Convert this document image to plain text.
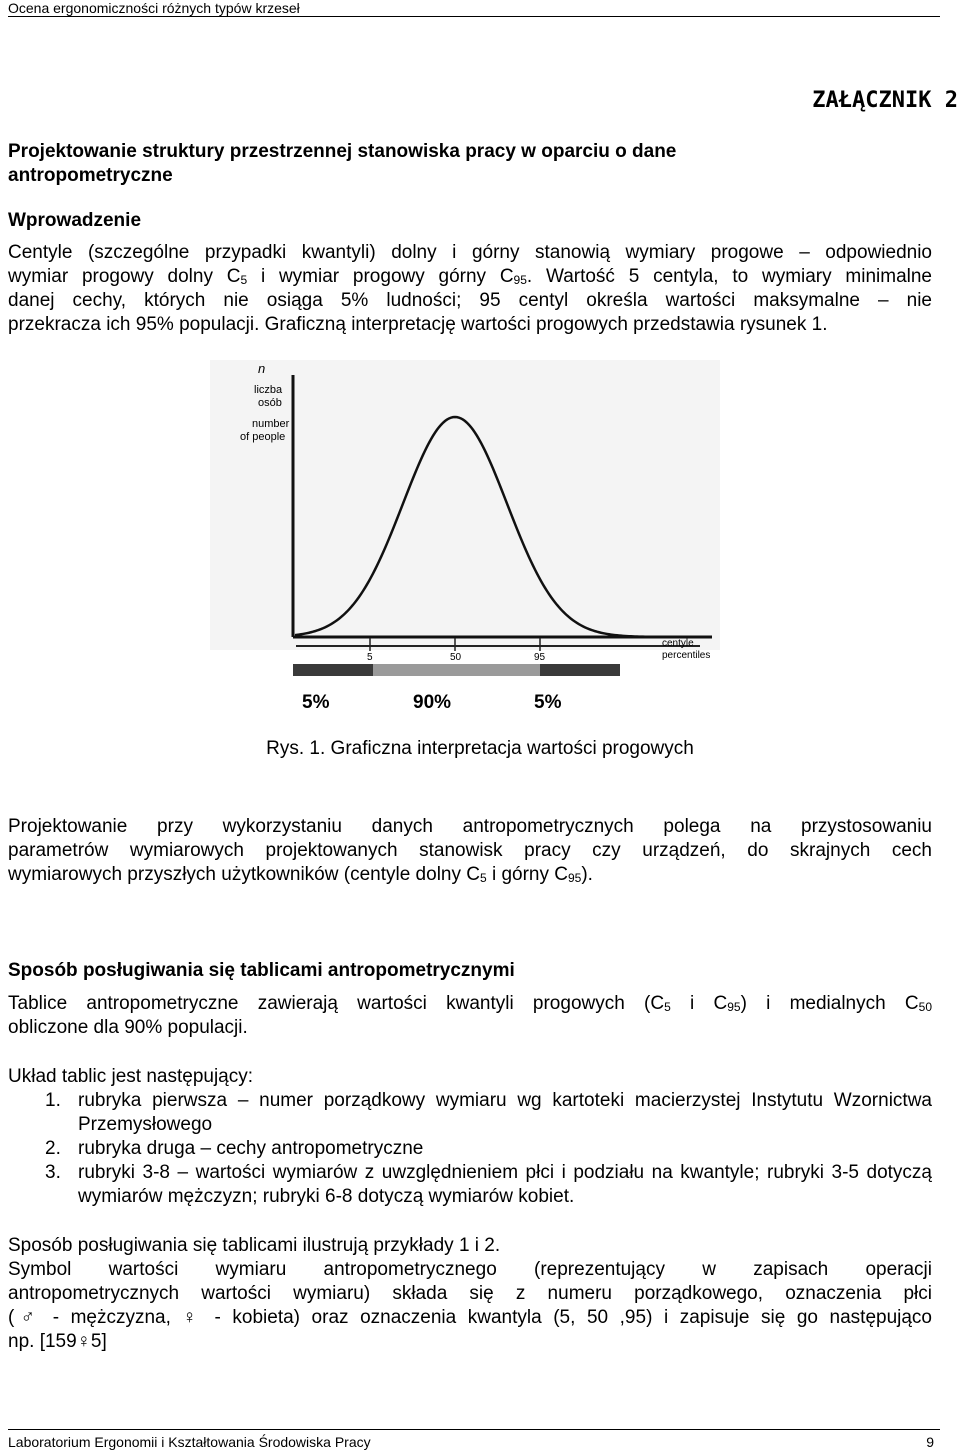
Ocena ergonomiczności różnych typów krzeseł
ZAŁĄCZNIK 2
Projektowanie struktury przestrzennej stanowiska pracy w oparciu o dane
antropometryczne
Wprowadzenie
Centyle (szczególne przypadki kwantyli) dolny i górny stanowią wymiary progowe – odpowiednio
wymiar progowy dolny $C_5$ i wymiar progowy górny $C_{95}$. Wartość 5 centyla, to wymiary minimalne
danej cechy, których nie osiąga 5% ludności; 95 centyl określa wartości maksymalne – nie
przekracza ich 95% populacji. Graficzną interpretację wartości progowych przedstawia rysunek 1.
n
liczba
osób
number
of people
5	50	95
centyle
percentiles
5%	90%	5%
Rys. 1. Graficzna interpretacja wartości progowych
Projektowanie przy wykorzystaniu danych antropometrycznych polega na przystosowaniu
parametrów wymiarowych projektowanych stanowisk pracy czy urządzeń, do skrajnych cech
wymiarowych przyszłych użytkowników (centyle dolny $C_5$ i górny $C_{95}$).
Sposób posługiwania się tablicami antropometrycznymi
Tablice antropometryczne zawierają wartości kwantyli progowych ($C_5$ i $C_{95}$) i medialnych $C_{50}$
obliczone dla 90% populacji.
Układ tablic jest następujący:
1. rubryka pierwsza – numer porządkowy wymiaru wg kartoteki macierzystej Instytutu Wzornictwa Przemysłowego
2. rubryka druga – cechy antropometryczne
3. rubryki 3-8 – wartości wymiarów z uwzględnieniem płci i podziału na kwantyle; rubryki 3-5 dotyczą wymiarów mężczyzn; rubryki 6-8 dotyczą wymiarów kobiet.
Sposób posługiwania się tablicami ilustrują przykłady 1 i 2.
Symbol wartości wymiaru antropometrycznego (reprezentujący w zapisach operacji
antropometrycznych wartości wymiaru) składa się z numeru porządkowego, oznaczenia płci
(♂ - mężczyzna, ♀ - kobieta) oraz oznaczenia kwantyla (5, 50 ,95) i zapisuje się go następująco
np. [159♀5]
Laboratorium Ergonomii i Kształtowania Środowiska Pracy	9
